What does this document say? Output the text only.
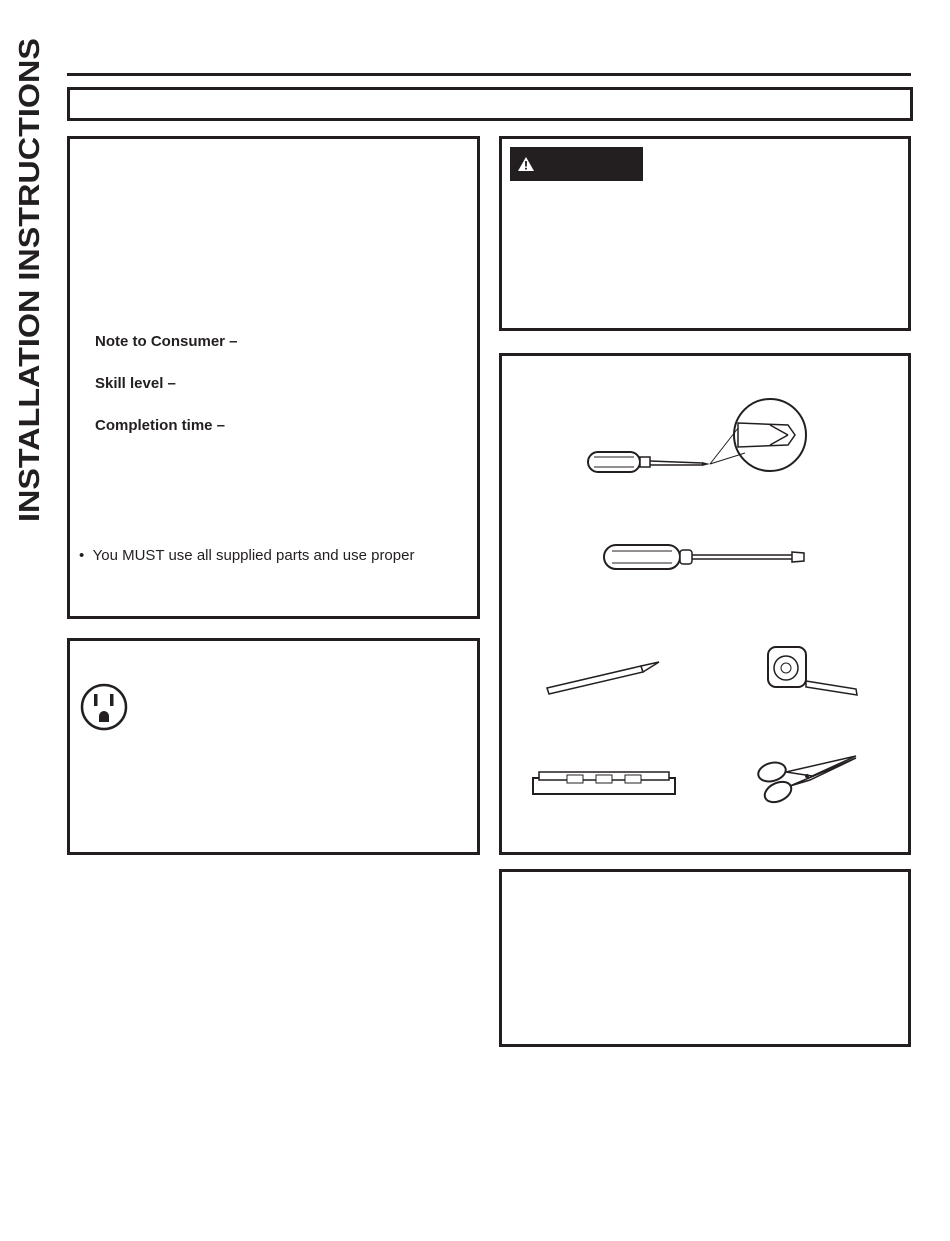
INSTALLATION INSTRUCTIONS	Note to Consumer –
Skill level –
Completion time –
•  You MUST use all supplied parts and use proper
